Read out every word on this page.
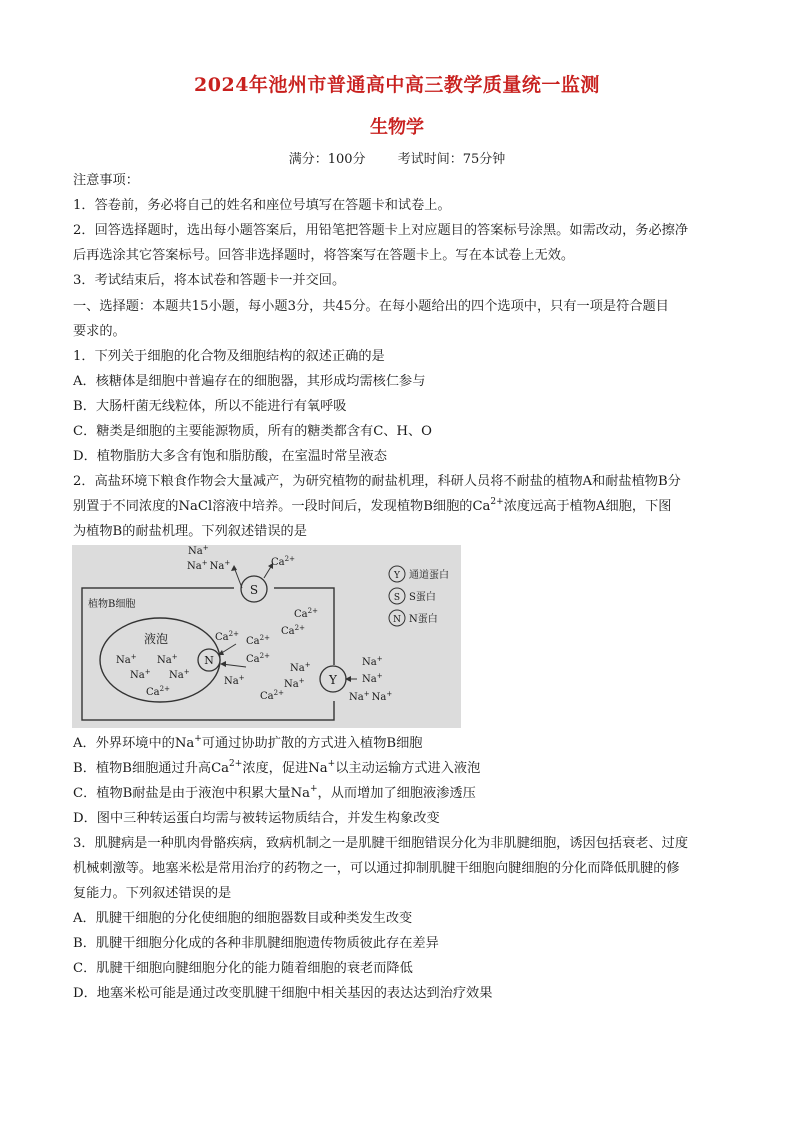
2024年池州市普通高中高三教学质量统一监测
生物学
满分：100分 考试时间：75分钟
注意事项：
1．答卷前，务必将自己的姓名和座位号填写在答题卡和试卷上。
2．回答选择题时，选出每小题答案后，用铅笔把答题卡上对应题目的答案标号涂黑。如需改动，务必擦净
后再选涂其它答案标号。回答非选择题时，将答案写在答题卡上。写在本试卷上无效。
3．考试结束后，将本试卷和答题卡一并交回。
一、选择题：本题共15小题，每小题3分，共45分。在每小题给出的四个选项中，只有一项是符合题目
要求的。
1．下列关于细胞的化合物及细胞结构的叙述正确的是
A．核糖体是细胞中普遍存在的细胞器，其形成均需核仁参与
B．大肠杆菌无线粒体，所以不能进行有氧呼吸
C．糖类是细胞的主要能源物质，所有的糖类都含有C、H、O
D．植物脂肪大多含有饱和脂肪酸，在室温时常呈液态
2．高盐环境下粮食作物会大量减产，为研究植物的耐盐机理，科研人员将不耐盐的植物A和耐盐植物B分
别置于不同浓度的NaCl溶液中培养。一段时间后，发现植物B细胞的$Ca^{2+}$浓度远高于植物A细胞，下图
为植物B的耐盐机理。下列叙述错误的是
植物B细胞
液泡
S
Y
N
Na+
Na+ Na+	$Ca^{2+}$
$Ca^{2+}$
$Ca^{2+}$
$Ca^{2+}$
$Ca^{2+}$
$Ca^{2+}$
Na+ Na+
Na+ Na+
$Ca^{2+}$
Na+
Na+
Na+
$Ca^{2+}$
Na+
Na+
Na+ Na+
Y 通道蛋白
S S蛋白
N N蛋白
A．外界环境中的Na+可通过协助扩散的方式进入植物B细胞
B．植物B细胞通过升高$Ca^{2+}$浓度，促进Na+以主动运输方式进入液泡
C．植物B耐盐是由于液泡中积累大量Na+，从而增加了细胞液渗透压
D．图中三种转运蛋白均需与被转运物质结合，并发生构象改变
3．肌腱病是一种肌肉骨骼疾病，致病机制之一是肌腱干细胞错误分化为非肌腱细胞，诱因包括衰老、过度
机械刺激等。地塞米松是常用治疗的药物之一，可以通过抑制肌腱干细胞向腱细胞的分化而降低肌腱的修
复能力。下列叙述错误的是
A．肌腱干细胞的分化使细胞的细胞器数目或种类发生改变
B．肌腱干细胞分化成的各种非肌腱细胞遗传物质彼此存在差异
C．肌腱干细胞向腱细胞分化的能力随着细胞的衰老而降低
D．地塞米松可能是通过改变肌腱干细胞中相关基因的表达达到治疗效果
